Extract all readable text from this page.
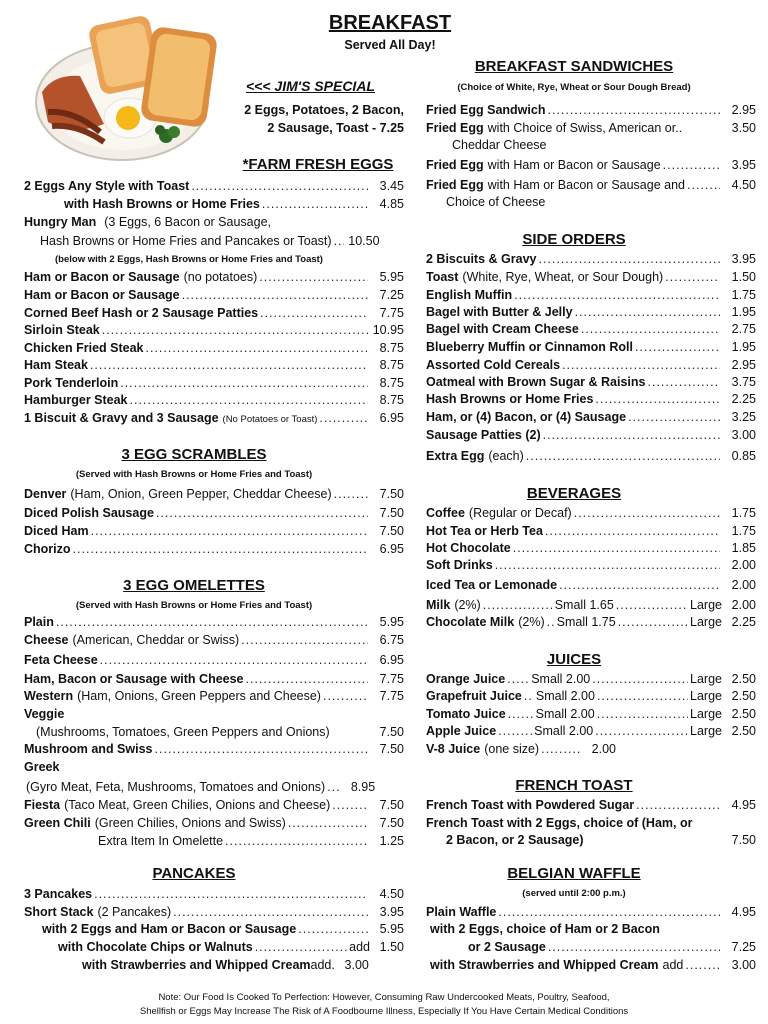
BREAKFAST
Served All Day!
<<< JIM'S SPECIAL
2 Eggs, Potatoes, 2 Bacon,
2 Sausage, Toast - 7.25
*FARM FRESH EGGS
2 Eggs Any Style with Toast .....	3.45
with Hash Browns or Home Fries .....	4.85
Hungry Man (3 Eggs, 6 Bacon or Sausage,
Hash Browns or Home Fries and Pancakes or Toast) ..... 10.50
(below with 2 Eggs, Hash Browns or Home Fries and Toast)
Ham or Bacon or Sausage (no potatoes) .....	5.95
Ham or Bacon or Sausage .....	7.25
Corned Beef Hash or 2 Sausage Patties .....	7.75
Sirloin Steak .....	10.95
Chicken Fried Steak .....	8.75
Ham Steak .....	8.75
Pork Tenderloin .....	8.75
Hamburger Steak .....	8.75
1 Biscuit & Gravy and 3 Sausage (No Potatoes or Toast) .....	6.95
3 EGG SCRAMBLES
(Served with Hash Browns or Home Fries and Toast)
Denver (Ham, Onion, Green Pepper, Cheddar Cheese) .....	7.50
Diced Polish Sausage .....	7.50
Diced Ham .....	7.50
Chorizo .....	6.95
3 EGG OMELETTES
(Served with Hash Browns or Home Fries and Toast)
Plain .....	5.95
Cheese (American, Cheddar or Swiss) .....	6.75
Feta Cheese .....	6.95
Ham, Bacon or Sausage with Cheese .....	7.75
Western (Ham, Onions, Green Peppers and Cheese) .....	7.75
Veggie
(Mushrooms, Tomatoes, Green Peppers and Onions)	7.50
Mushroom and Swiss .....	7.50
Greek
(Gyro Meat, Feta, Mushrooms, Tomatoes and Onions) .....	8.95
Fiesta (Taco Meat, Green Chilies, Onions and Cheese) .....	7.50
Green Chili (Green Chilies, Onions and Swiss) .....	7.50
Extra Item In Omelette .....	1.25
PANCAKES
3 Pancakes .....	4.50
Short Stack (2 Pancakes) .....	3.95
with 2 Eggs and Ham or Bacon or Sausage .....	5.95
with Chocolate Chips or Walnuts .....	add 1.50
with Strawberries and Whipped Cream add. 3.00
BREAKFAST SANDWICHES
(Choice of White, Rye, Wheat or Sour Dough Bread)
Fried Egg Sandwich .....	2.95
Fried Egg with Choice of Swiss, American or..	3.50
Cheddar Cheese
Fried Egg with Ham or Bacon or Sausage .....	3.95
Fried Egg with Ham or Bacon or Sausage and .....	4.50
Choice of Cheese
SIDE ORDERS
2 Biscuits & Gravy .....	3.95
Toast (White, Rye, Wheat, or Sour Dough) .....	1.50
English Muffin .....	1.75
Bagel with Butter & Jelly .....	1.95
Bagel with Cream Cheese .....	2.75
Blueberry Muffin or Cinnamon Roll .....	1.95
Assorted Cold Cereals .....	2.95
Oatmeal with Brown Sugar & Raisins .....	3.75
Hash Browns or Home Fries .....	2.25
Ham, or (4) Bacon, or (4) Sausage .....	3.25
Sausage Patties (2) .....	3.00
Extra Egg (each) .....	0.85
BEVERAGES
Coffee (Regular or Decaf) .....	1.75
Hot Tea or Herb Tea .....	1.75
Hot Chocolate .....	1.85
Soft Drinks .....	2.00
Iced Tea or Lemonade .....	2.00
Milk (2%) .....	Small 1.65 .....	Large 2.00
Chocolate Milk (2%) ..... Small 1.75 .....	Large 2.25
JUICES
Orange Juice ..... Small 2.00 .....	Large 2.50
Grapefruit Juice ..... Small 2.00 .....	Large 2.50
Tomato Juice ..... Small 2.00 .....	Large 2.50
Apple Juice .....	Small 2.00 .....	Large 2.50
V-8 Juice (one size) .....	2.00
FRENCH TOAST
French Toast with Powdered Sugar .....	4.95
French Toast with 2 Eggs, choice of (Ham, or
2 Bacon, or 2 Sausage)	7.50
BELGIAN WAFFLE
(served until 2:00 p.m.)
Plain Waffle .....	4.95
with 2 Eggs, choice of Ham or 2 Bacon
or 2 Sausage .....	7.25
with Strawberries and Whipped Cream add .....	3.00
Note: Our Food Is Cooked To Perfection: However, Consuming Raw Undercooked Meats, Poultry, Seafood,
Shellfish or Eggs May Increase The Risk of A Foodbourne Illness, Especially If You Have Certain Medical Conditions
